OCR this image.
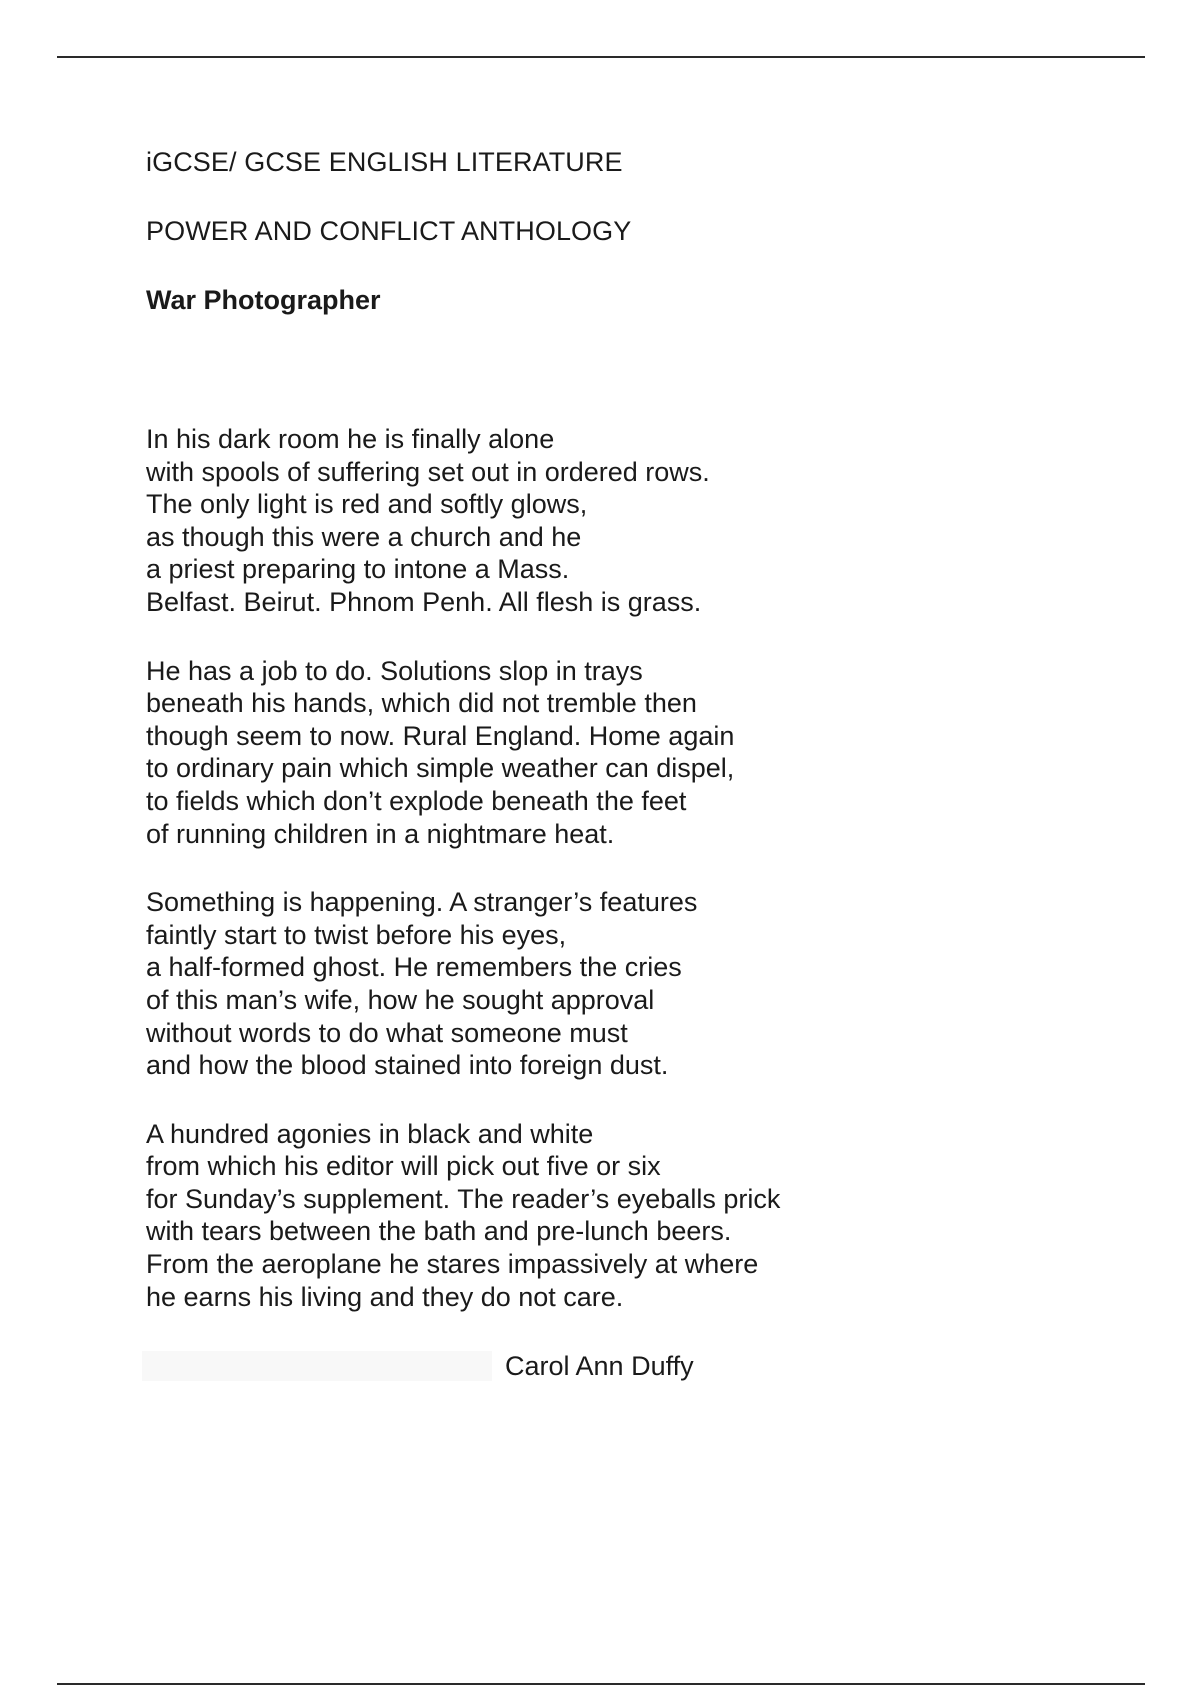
iGCSE/ GCSE ENGLISH LITERATURE

POWER AND CONFLICT ANTHOLOGY

War Photographer

In his dark room he is finally alone
with spools of suffering set out in ordered rows.
The only light is red and softly glows,
as though this were a church and he
a priest preparing to intone a Mass.
Belfast. Beirut. Phnom Penh. All flesh is grass.
He has a job to do. Solutions slop in trays
beneath his hands, which did not tremble then
though seem to now. Rural England. Home again
to ordinary pain which simple weather can dispel,
to fields which don’t explode beneath the feet
of running children in a nightmare heat.
Something is happening. A stranger’s features
faintly start to twist before his eyes,
a half-formed ghost. He remembers the cries
of this man’s wife, how he sought approval
without words to do what someone must
and how the blood stained into foreign dust.
A hundred agonies in black and white
from which his editor will pick out five or six
for Sunday’s supplement. The reader’s eyeballs prick
with tears between the bath and pre-lunch beers.
From the aeroplane he stares impassively at where
he earns his living and they do not care.
Carol Ann Duffy
